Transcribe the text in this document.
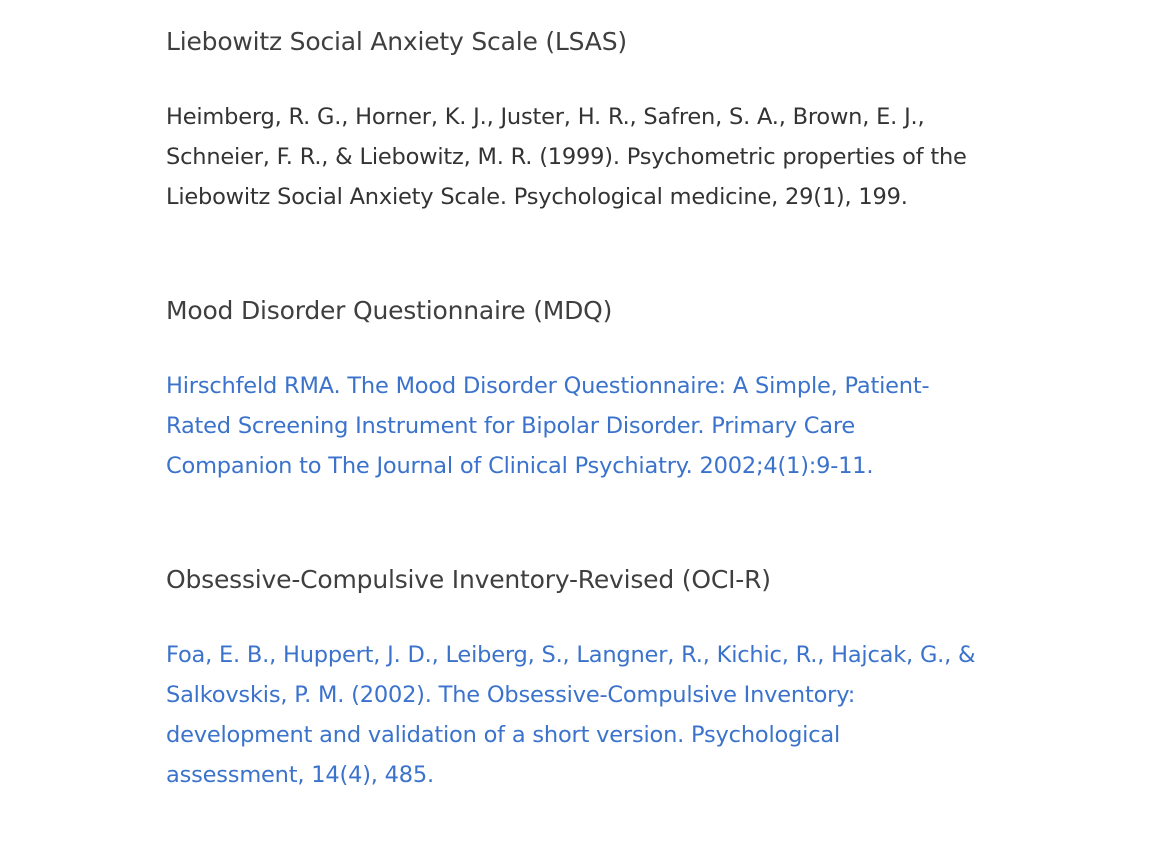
Liebowitz Social Anxiety Scale (LSAS)

Heimberg, R. G., Horner, K. J., Juster, H. R., Safren, S. A., Brown, E. J.,
Schneier, F. R., & Liebowitz, M. R. (1999). Psychometric properties of the
Liebowitz Social Anxiety Scale. Psychological medicine, 29(1), 199.

Mood Disorder Questionnaire (MDQ)
Hirschfeld RMA. The Mood Disorder Questionnaire: A Simple, Patient-
Rated Screening Instrument for Bipolar Disorder. Primary Care
Companion to The Journal of Clinical Psychiatry. 2002;4(1):9-11.
Obsessive-Compulsive Inventory-Revised (OCI-R)
Foa, E. B., Huppert, J. D., Leiberg, S., Langner, R., Kichic, R., Hajcak, G., &
Salkovskis, P. M. (2002). The Obsessive-Compulsive Inventory:
development and validation of a short version. Psychological
assessment, 14(4), 485.
